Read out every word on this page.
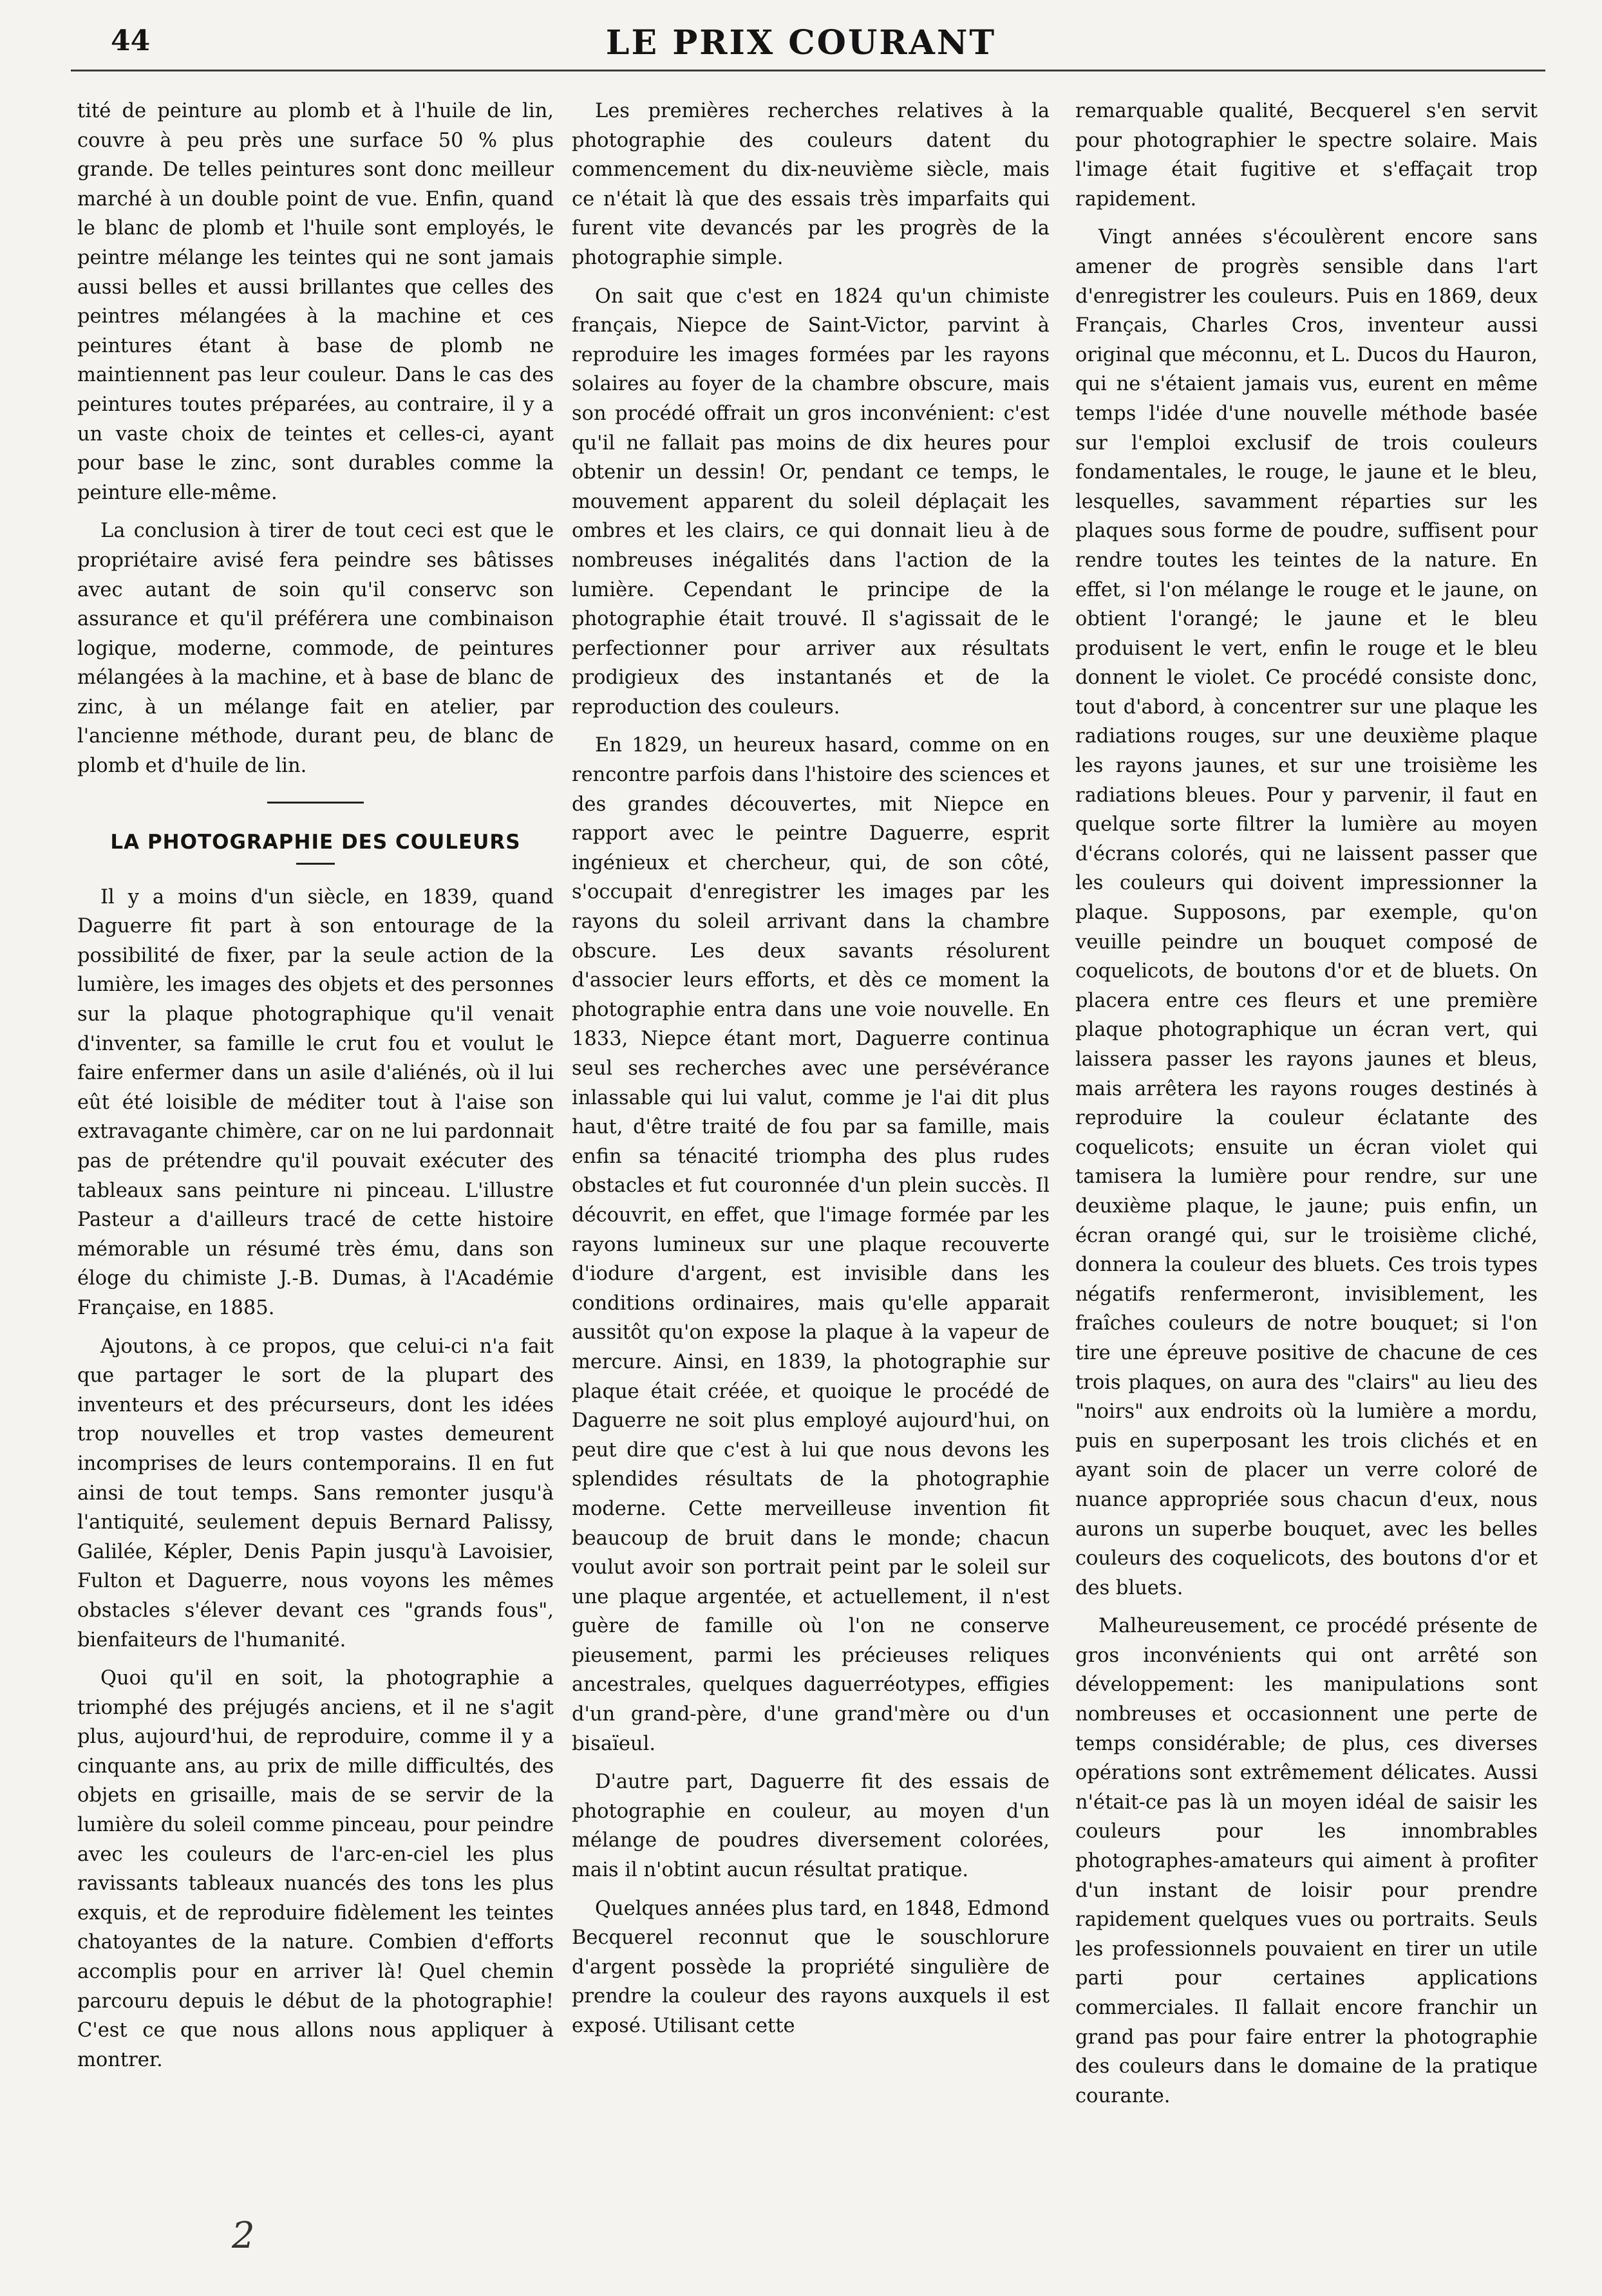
44	LE PRIX COURANT

tité de peinture au plomb et à l'huile de lin, couvre à peu près une surface 50 % plus grande. De telles peintures sont donc meilleur marché à un double point de vue. Enfin, quand le blanc de plomb et l'huile sont employés, le peintre mélange les teintes qui ne sont jamais aussi belles et aussi brillantes que celles des peintres mélangées à la machine et ces peintures étant à base de plomb ne maintiennent pas leur couleur. Dans le cas des peintures toutes préparées, au contraire, il y a un vaste choix de teintes et celles-ci, ayant pour base le zinc, sont durables comme la peinture elle-même.

La conclusion à tirer de tout ceci est que le propriétaire avisé fera peindre ses bâtisses avec autant de soin qu'il conservc son assurance et qu'il préférera une combinaison logique, moderne, commode, de peintures mélangées à la machine, et à base de blanc de zinc, à un mélange fait en atelier, par l'ancienne méthode, durant peu, de blanc de plomb et d'huile de lin.

LA PHOTOGRAPHIE DES COULEURS

Il y a moins d'un siècle, en 1839, quand Daguerre fit part à son entourage de la possibilité de fixer, par la seule action de la lumière, les images des objets et des personnes sur la plaque photographique qu'il venait d'inventer, sa famille le crut fou et voulut le faire enfermer dans un asile d'aliénés, où il lui eût été loisible de méditer tout à l'aise son extravagante chimère, car on ne lui pardonnait pas de prétendre qu'il pouvait exécuter des tableaux sans peinture ni pinceau. L'illustre Pasteur a d'ailleurs tracé de cette histoire mémorable un résumé très ému, dans son éloge du chimiste J.-B. Dumas, à l'Académie Française, en 1885.

Ajoutons, à ce propos, que celui-ci n'a fait que partager le sort de la plupart des inventeurs et des précurseurs, dont les idées trop nouvelles et trop vastes demeurent incomprises de leurs contemporains. Il en fut ainsi de tout temps. Sans remonter jusqu'à l'antiquité, seulement depuis Bernard Palissy, Galilée, Képler, Denis Papin jusqu'à Lavoisier, Fulton et Daguerre, nous voyons les mêmes obstacles s'élever devant ces "grands fous", bienfaiteurs de l'humanité.

Quoi qu'il en soit, la photographie a triomphé des préjugés anciens, et il ne s'agit plus, aujourd'hui, de reproduire, comme il y a cinquante ans, au prix de mille difficultés, des objets en grisaille, mais de se servir de la lumière du soleil comme pinceau, pour peindre avec les couleurs de l'arc-en-ciel les plus ravissants tableaux nuancés des tons les plus exquis, et de reproduire fidèlement les teintes chatoyantes de la nature. Combien d'efforts accomplis pour en arriver là! Quel chemin parcouru depuis le début de la photographie! C'est ce que nous allons nous appliquer à montrer.

Les premières recherches relatives à la photographie des couleurs datent du commencement du dix-neuvième siècle, mais ce n'était là que des essais très imparfaits qui furent vite devancés par les progrès de la photographie simple.

On sait que c'est en 1824 qu'un chimiste français, Niepce de Saint-Victor, parvint à reproduire les images formées par les rayons solaires au foyer de la chambre obscure, mais son procédé offrait un gros inconvénient: c'est qu'il ne fallait pas moins de dix heures pour obtenir un dessin! Or, pendant ce temps, le mouvement apparent du soleil déplaçait les ombres et les clairs, ce qui donnait lieu à de nombreuses inégalités dans l'action de la lumière. Cependant le principe de la photographie était trouvé. Il s'agissait de le perfectionner pour arriver aux résultats prodigieux des instantanés et de la reproduction des couleurs.

En 1829, un heureux hasard, comme on en rencontre parfois dans l'histoire des sciences et des grandes découvertes, mit Niepce en rapport avec le peintre Daguerre, esprit ingénieux et chercheur, qui, de son côté, s'occupait d'enregistrer les images par les rayons du soleil arrivant dans la chambre obscure. Les deux savants résolurent d'associer leurs efforts, et dès ce moment la photographie entra dans une voie nouvelle. En 1833, Niepce étant mort, Daguerre continua seul ses recherches avec une persévérance inlassable qui lui valut, comme je l'ai dit plus haut, d'être traité de fou par sa famille, mais enfin sa ténacité triompha des plus rudes obstacles et fut couronnée d'un plein succès. Il découvrit, en effet, que l'image formée par les rayons lumineux sur une plaque recouverte d'iodure d'argent, est invisible dans les conditions ordinaires, mais qu'elle apparait aussitôt qu'on expose la plaque à la vapeur de mercure. Ainsi, en 1839, la photographie sur plaque était créée, et quoique le procédé de Daguerre ne soit plus employé aujourd'hui, on peut dire que c'est à lui que nous devons les splendides résultats de la photographie moderne. Cette merveilleuse invention fit beaucoup de bruit dans le monde; chacun voulut avoir son portrait peint par le soleil sur une plaque argentée, et actuellement, il n'est guère de famille où l'on ne conserve pieusement, parmi les précieuses reliques ancestrales, quelques daguerréotypes, effigies d'un grand-père, d'une grand'mère ou d'un bisaïeul.

D'autre part, Daguerre fit des essais de photographie en couleur, au moyen d'un mélange de poudres diversement colorées, mais il n'obtint aucun résultat pratique.

Quelques années plus tard, en 1848, Edmond Becquerel reconnut que le souschlorure d'argent possède la propriété singulière de prendre la couleur des rayons auxquels il est exposé. Utilisant cette

remarquable qualité, Becquerel s'en servit pour photographier le spectre solaire. Mais l'image était fugitive et s'effaçait trop rapidement.

Vingt années s'écoulèrent encore sans amener de progrès sensible dans l'art d'enregistrer les couleurs. Puis en 1869, deux Français, Charles Cros, inventeur aussi original que méconnu, et L. Ducos du Hauron, qui ne s'étaient jamais vus, eurent en même temps l'idée d'une nouvelle méthode basée sur l'emploi exclusif de trois couleurs fondamentales, le rouge, le jaune et le bleu, lesquelles, savamment réparties sur les plaques sous forme de poudre, suffisent pour rendre toutes les teintes de la nature. En effet, si l'on mélange le rouge et le jaune, on obtient l'orangé; le jaune et le bleu produisent le vert, enfin le rouge et le bleu donnent le violet. Ce procédé consiste donc, tout d'abord, à concentrer sur une plaque les radiations rouges, sur une deuxième plaque les rayons jaunes, et sur une troisième les radiations bleues. Pour y parvenir, il faut en quelque sorte filtrer la lumière au moyen d'écrans colorés, qui ne laissent passer que les couleurs qui doivent impressionner la plaque. Supposons, par exemple, qu'on veuille peindre un bouquet composé de coquelicots, de boutons d'or et de bluets. On placera entre ces fleurs et une première plaque photographique un écran vert, qui laissera passer les rayons jaunes et bleus, mais arrêtera les rayons rouges destinés à reproduire la couleur éclatante des coquelicots; ensuite un écran violet qui tamisera la lumière pour rendre, sur une deuxième plaque, le jaune; puis enfin, un écran orangé qui, sur le troisième cliché, donnera la couleur des bluets. Ces trois types négatifs renfermeront, invisiblement, les fraîches couleurs de notre bouquet; si l'on tire une épreuve positive de chacune de ces trois plaques, on aura des "clairs" au lieu des "noirs" aux endroits où la lumière a mordu, puis en superposant les trois clichés et en ayant soin de placer un verre coloré de nuance appropriée sous chacun d'eux, nous aurons un superbe bouquet, avec les belles couleurs des coquelicots, des boutons d'or et des bluets.

Malheureusement, ce procédé présente de gros inconvénients qui ont arrêté son développement: les manipulations sont nombreuses et occasionnent une perte de temps considérable; de plus, ces diverses opérations sont extrêmement délicates. Aussi n'était-ce pas là un moyen idéal de saisir les couleurs pour les innombrables photographes-amateurs qui aiment à profiter d'un instant de loisir pour prendre rapidement quelques vues ou portraits. Seuls les professionnels pouvaient en tirer un utile parti pour certaines applications commerciales. Il fallait encore franchir un grand pas pour faire entrer la photographie des couleurs dans le domaine de la pratique courante.

2
